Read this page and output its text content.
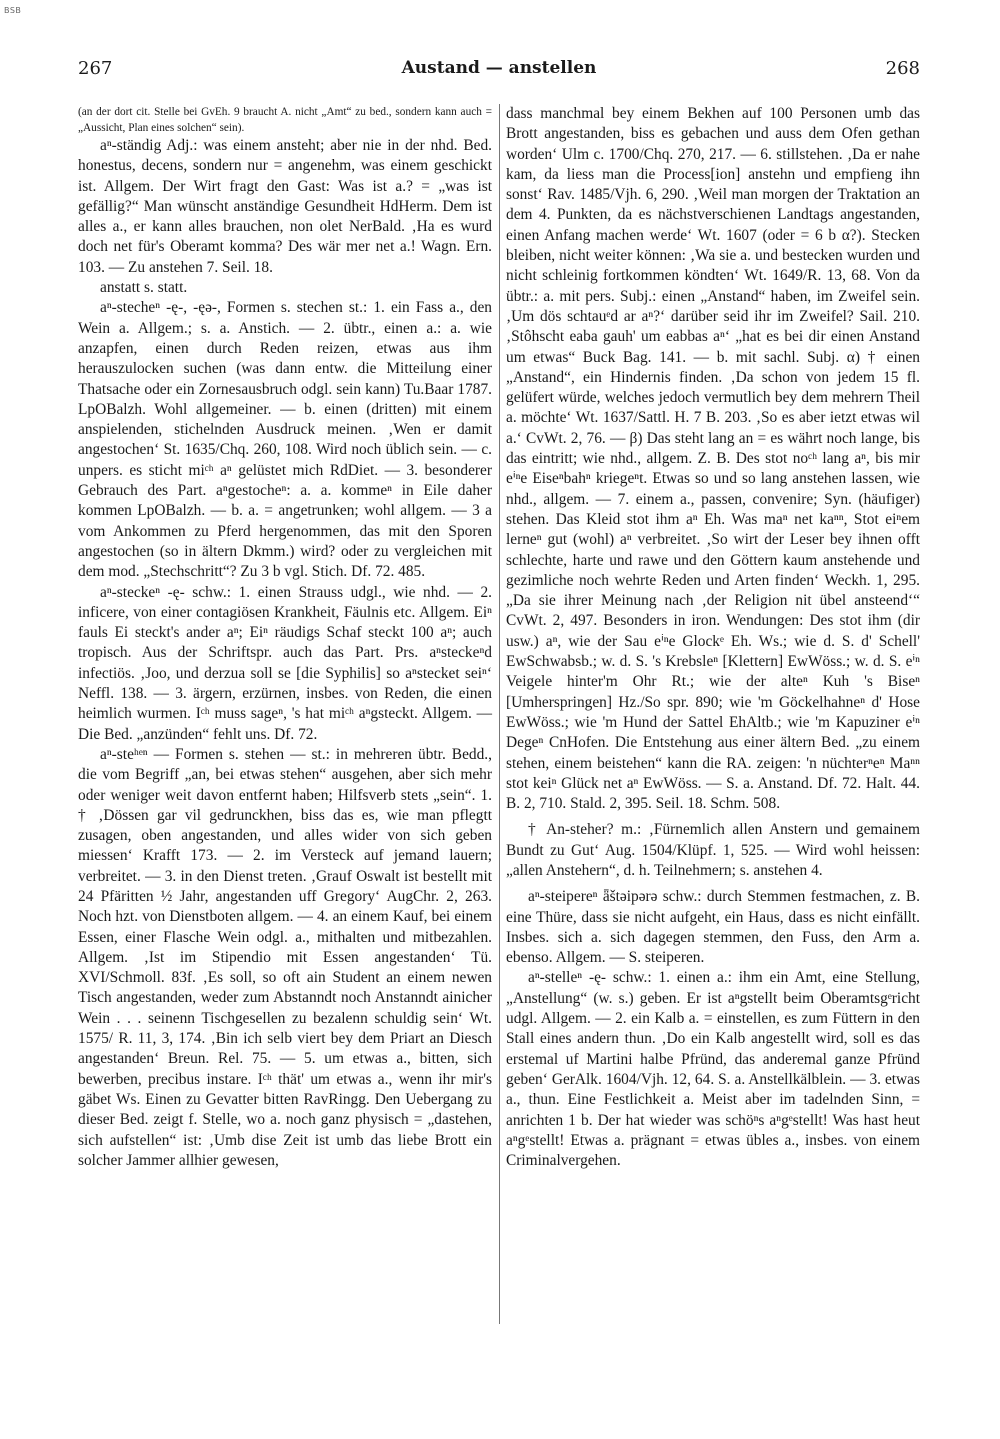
BSB
267	Austand — anstellen	268

(an der dort cit. Stelle bei GvEh. 9 braucht A. nicht „Amt“ zu bed., sondern kann auch = „Aussicht, Plan eines solchen“ sein).

aⁿ-ständig Adj.: was einem ansteht; aber nie in der nhd. Bed. honestus, decens, sondern nur = angenehm, was einem geschickt ist. Allgem. Der Wirt fragt den Gast: Was ist a.? = „was ist gefällig?“ Man wünscht anständige Gesundheit HdHerm. Dem ist alles a., er kann alles brauchen, non olet NerBald. ‚Ha es wurd doch net für's Oberamt komma? Des wär mer net a.! Wagn. Ern. 103. — Zu anstehen 7. Seil. 18.

anstatt s. statt.

aⁿ-stecheⁿ -ę-, -ęə-, Formen s. stechen st.: 1. ein Fass a., den Wein a. Allgem.; s. a. Anstich. — 2. übtr., einen a.: a. wie anzapfen, einen durch Reden reizen, etwas aus ihm herauszulocken suchen (was dann entw. die Mitteilung einer Thatsache oder ein Zornesausbruch odgl. sein kann) Tu.Baar 1787. LpOBalzh. Wohl allgemeiner. — b. einen (dritten) mit einem anspielenden, stichelnden Ausdruck meinen. ‚Wen er damit angestochen‘ St. 1635/Chq. 260, 108. Wird noch üblich sein. — c. unpers. es sticht miᶜʰ aⁿ gelüstet mich RdDiet. — 3. besonderer Gebrauch des Part. aⁿgestocheⁿ: a. a. kommeⁿ in Eile daher kommen LpOBalzh. — b. a. = angetrunken; wohl allgem. — 3 a vom Ankommen zu Pferd hergenommen, das mit den Sporen angestochen (so in ältern Dkmm.) wird? oder zu vergleichen mit dem mod. „Stechschritt“? Zu 3 b vgl. Stich. Df. 72. 485.

aⁿ-steckeⁿ -ę- schw.: 1. einen Strauss udgl., wie nhd. — 2. inficere, von einer contagiösen Krankheit, Fäulnis etc. Allgem. Eiⁿ fauls Ei steckt's ander aⁿ; Eiⁿ räudigs Schaf steckt 100 aⁿ; auch tropisch. Aus der Schriftspr. auch das Part. Prs. aⁿsteckeⁿd infectiös. ‚Joo, und derzua soll se [die Syphilis] so aⁿstecket seiⁿ‘ Neffl. 138. — 3. ärgern, erzürnen, insbes. von Reden, die einen heimlich wurmen. Iᶜʰ muss sageⁿ, 's hat miᶜʰ aⁿgsteckt. Allgem. — Die Bed. „anzünden“ fehlt uns. Df. 72.

aⁿ-steʰᵉⁿ — Formen s. stehen — st.: in mehreren übtr. Bedd., die vom Begriff „an, bei etwas stehen“ ausgehen, aber sich mehr oder weniger weit davon entfernt haben; Hilfsverb stets „sein“. 1. † ‚Dössen gar vil gedrunckhen, biss das es, wie man pflegtt zusagen, oben angestanden, und alles wider von sich geben miessen‘ Krafft 173. — 2. im Versteck auf jemand lauern; verbreitet. — 3. in den Dienst treten. ‚Grauf Oswalt ist bestellt mit 24 Pfäritten ½ Jahr, angestanden uff Gregory‘ AugChr. 2, 263. Noch hzt. von Dienstboten allgem. — 4. an einem Kauf, bei einem Essen, einer Flasche Wein odgl. a., mithalten und mitbezahlen. Allgem. ‚Ist im Stipendio mit Essen angestanden‘ Tü. XVI/Schmoll. 83f. ‚Es soll, so oft ain Student an einem newen Tisch angestanden, weder zum Abstanndt noch Anstanndt ainicher Wein . . . seinenn Tischgesellen zu bezalenn schuldig sein‘ Wt. 1575/ R. 11, 3, 174. ‚Bin ich selb viert bey dem Priart an Diesch angestanden‘ Breun. Rel. 75. — 5. um etwas a., bitten, sich bewerben, precibus instare. Iᶜʰ thät' um etwas a., wenn ihr mir's gäbet Ws. Einen zu Gevatter bitten RavRingg. Den Uebergang zu dieser Bed. zeigt f. Stelle, wo a. noch ganz physisch = „dastehen, sich aufstellen“ ist: ‚Umb dise Zeit ist umb das liebe Brott ein solcher Jammer allhier gewesen,

dass manchmal bey einem Bekhen auf 100 Personen umb das Brott angestanden, biss es gebachen und auss dem Ofen gethan worden‘ Ulm c. 1700/Chq. 270, 217. — 6. stillstehen. ‚Da er nahe kam, da liess man die Process[ion] anstehn und empfieng ihn sonst‘ Rav. 1485/Vjh. 6, 290. ‚Weil man morgen der Traktation an dem 4. Punkten, da es nächstverschienen Landtags angestanden, einen Anfang machen werde‘ Wt. 1607 (oder = 6 b α?). Stecken bleiben, nicht weiter können: ‚Wa sie a. und bestecken wurden und nicht schleinig fortkommen köndten‘ Wt. 1649/R. 13, 68. Von da übtr.: a. mit pers. Subj.: einen „Anstand“ haben, im Zweifel sein. ‚Um dös schtauᵉd ar aⁿ?‘ darüber seid ihr im Zweifel? Sail. 210. ‚Stôhscht eaba gauh' um eabbas aⁿ‘ „hat es bei dir einen Anstand um etwas“ Buck Bag. 141. — b. mit sachl. Subj. α) † einen „Anstand“, ein Hindernis finden. ‚Da schon von jedem 15 fl. gelüfert würde, welches jedoch vermutlich bey dem mehrern Theil a. möchte‘ Wt. 1637/Sattl. H. 7 B. 203. ‚So es aber ietzt etwas wil a.‘ CvWt. 2, 76. — β) Das steht lang an = es währt noch lange, bis das eintritt; wie nhd., allgem. Z. B. Des stot noᶜʰ lang aⁿ, bis mir eⁱⁿe Eiseⁿbahⁿ kriegeⁿt. Etwas so und so lang anstehen lassen, wie nhd., allgem. — 7. einem a., passen, convenire; Syn. (häufiger) stehen. Das Kleid stot ihm aⁿ Eh. Was maⁿ net kaⁿⁿ, Stot eiⁿem lerneⁿ gut (wohl) aⁿ verbreitet. ‚So wirt der Leser bey ihnen offt schlechte, harte und rawe und den Göttern kaum anstehende und gezimliche noch wehrte Reden und Arten finden‘ Weckh. 1, 295. „Da sie ihrer Meinung nach ‚der Religion nit übel ansteend‘“ CvWt. 2, 497. Besonders in iron. Wendungen: Des stot ihm (dir usw.) aⁿ, wie der Sau eⁱⁿe Glockᵉ Eh. Ws.; wie d. S. d' Schell' EwSchwabsb.; w. d. S. 's Krebsleⁿ [Klettern] EwWöss.; w. d. S. eⁱⁿ Veigele hinter'm Ohr Rt.; wie der alteⁿ Kuh 's Biseⁿ [Umherspringen] Hz./So spr. 890; wie 'm Göckelhahneⁿ d' Hose EwWöss.; wie 'm Hund der Sattel EhAltb.; wie 'm Kapuziner eⁱⁿ Degeⁿ CnHofen. Die Entstehung aus einer ältern Bed. „zu einem stehen, einem beistehen“ kann die RA. zeigen: 'n nüchterⁿeⁿ Maⁿⁿ stot keiⁿ Glück net aⁿ EwWöss. — S. a. Anstand. Df. 72. Halt. 44. B. 2, 710. Stald. 2, 395. Seil. 18. Schm. 508.

† An-steher? m.: ‚Fürnemlich allen Anstern und gemainem Bundt zu Gut‘ Aug. 1504/Klüpf. 1, 525. — Wird wohl heissen: „allen Anstehern“, d. h. Teilnehmern; s. anstehen 4.

aⁿ-steipereⁿ ǟštəipərə schw.: durch Stemmen festmachen, z. B. eine Thüre, dass sie nicht aufgeht, ein Haus, dass es nicht einfällt. Insbes. sich a. sich dagegen stemmen, den Fuss, den Arm a. ebenso. Allgem. — S. steiperen.

aⁿ-stelleⁿ -ę- schw.: 1. einen a.: ihm ein Amt, eine Stellung, „Anstellung“ (w. s.) geben. Er ist aⁿgstellt beim Oberamtsgᵉricht udgl. Allgem. — 2. ein Kalb a. = einstellen, es zum Füttern in den Stall eines andern thun. ‚Do ein Kalb angestellt wird, soll es das erstemal uf Martini halbe Pfründ, das anderemal ganze Pfründ geben‘ GerAlk. 1604/Vjh. 12, 64. S. a. Anstellkälblein. — 3. etwas a., thun. Eine Festlichkeit a. Meist aber im tadelnden Sinn, = anrichten 1 b. Der hat wieder was schöⁿs aⁿgᵉstellt! Was hast heut aⁿgᵉstellt! Etwas a. prägnant = etwas übles a., insbes. von einem Criminalvergehen.
